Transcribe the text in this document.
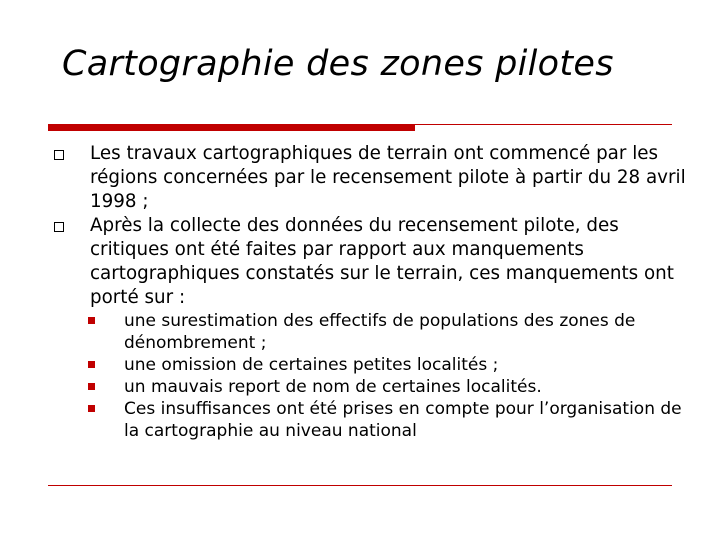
Cartographie des zones pilotes
Les travaux cartographiques de terrain ont commencé par les régions concernées par le recensement pilote à partir du 28 avril 1998 ;
Après la collecte des données du recensement pilote, des critiques ont été faites par rapport aux manquements cartographiques constatés sur le terrain, ces manquements ont porté sur :
une surestimation des effectifs de populations des zones de dénombrement ;
une omission de certaines petites localités ;
un mauvais report de nom de certaines localités.
Ces insuffisances ont été prises en compte pour l’organisation de la cartographie au niveau national
